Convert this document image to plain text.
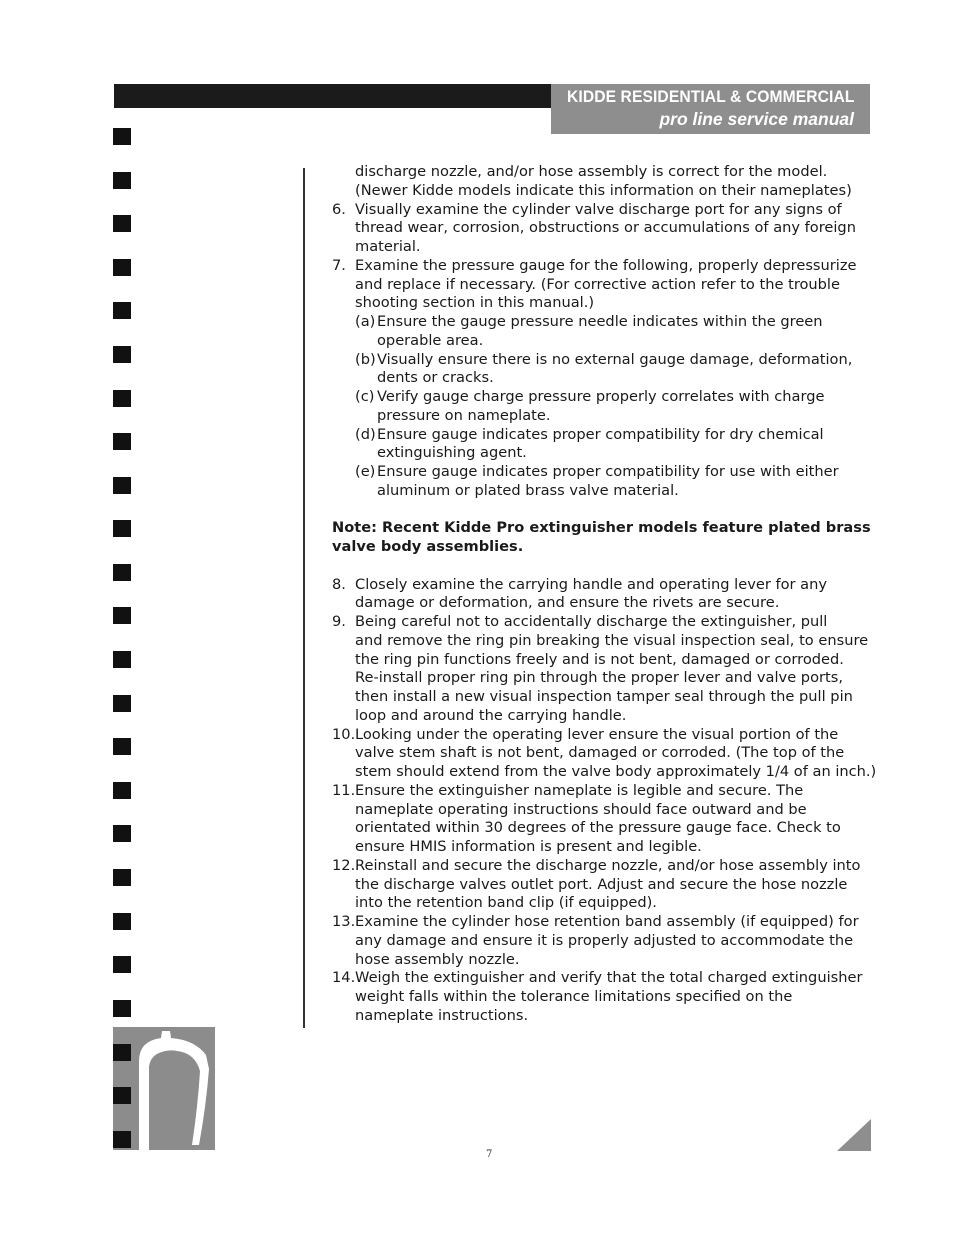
KIDDE RESIDENTIAL & COMMERCIAL
pro line service manual
discharge nozzle, and/or hose assembly is correct for the model.
(Newer Kidde models indicate this information on their nameplates)
6. Visually examine the cylinder valve discharge port for any signs of
thread wear, corrosion, obstructions or accumulations of any foreign
material.
7. Examine the pressure gauge for the following, properly depressurize
and replace if necessary. (For corrective action refer to the trouble
shooting section in this manual.)
(a) Ensure the gauge pressure needle indicates within the green
operable area.
(b)Visually ensure there is no external gauge damage, deformation,
dents or cracks.
(c) Verify gauge charge pressure properly correlates with charge
pressure on nameplate.
(d)Ensure gauge indicates proper compatibility for dry chemical
extinguishing agent.
(e) Ensure gauge indicates proper compatibility for use with either
aluminum or plated brass valve material.
Note: Recent Kidde Pro extinguisher models feature plated brass
valve body assemblies.
8. Closely examine the carrying handle and operating lever for any
damage or deformation, and ensure the rivets are secure.
9. Being careful not to accidentally discharge the extinguisher, pull
and remove the ring pin breaking the visual inspection seal, to ensure
the ring pin functions freely and is not bent, damaged or corroded.
Re-install proper ring pin through the proper lever and valve ports,
then install a new visual inspection tamper seal through the pull pin
loop and around the carrying handle.
10.Looking under the operating lever ensure the visual portion of the
valve stem shaft is not bent, damaged or corroded. (The top of the
stem should extend from the valve body approximately 1/4 of an inch.)
11.Ensure the extinguisher nameplate is legible and secure. The
nameplate operating instructions should face outward and be
orientated within 30 degrees of the pressure gauge face. Check to
ensure HMIS information is present and legible.
12.Reinstall and secure the discharge nozzle, and/or hose assembly into
the discharge valves outlet port. Adjust and secure the hose nozzle
into the retention band clip (if equipped).
13.Examine the cylinder hose retention band assembly (if equipped) for
any damage and ensure it is properly adjusted to accommodate the
hose assembly nozzle.
14.Weigh the extinguisher and verify that the total charged extinguisher
weight falls within the tolerance limitations specified on the
nameplate instructions.
7
